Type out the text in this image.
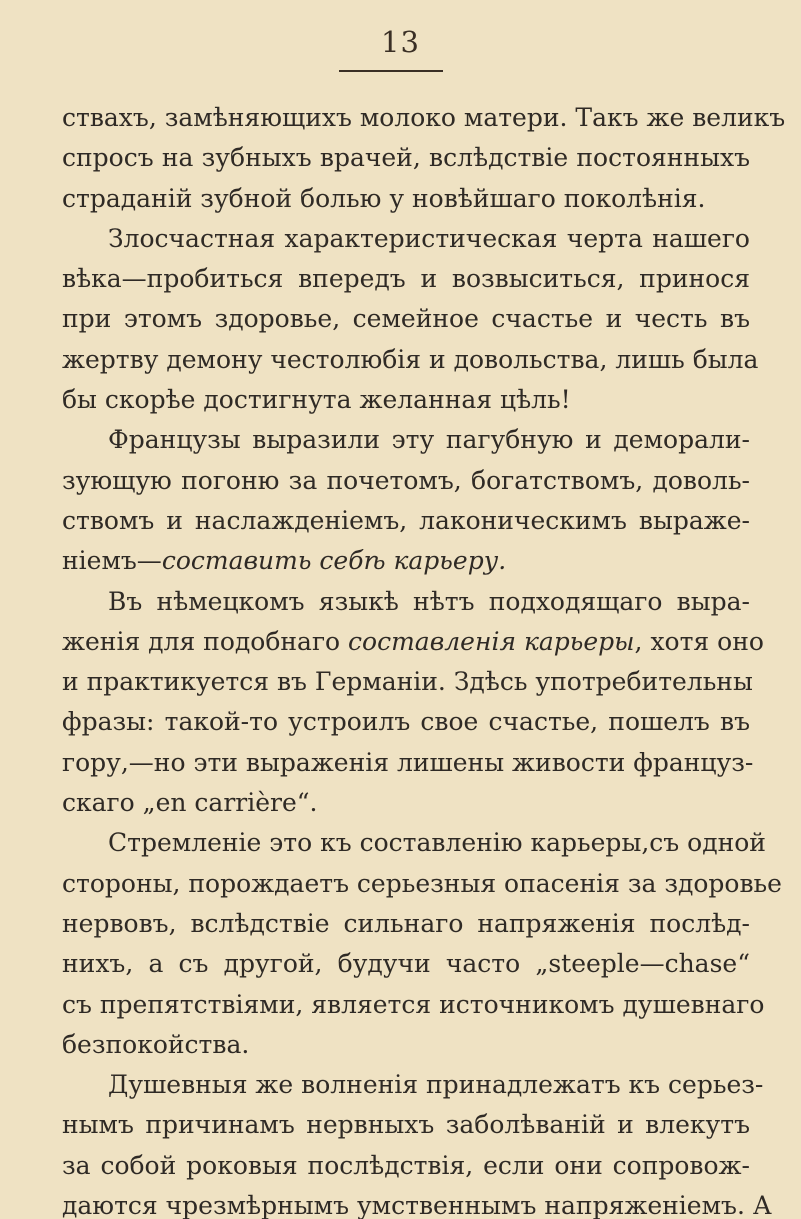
13
ствахъ, замѣняющихъ молоко матери. Такъ же великъ
спросъ на зубныхъ врачей, вслѣдствіе постоянныхъ
страданій зубной болью у новѣйшаго поколѣнія.
Злосчастная характеристическая черта нашего
вѣка—пробиться впередъ и возвыситься, принося
при этомъ здоровье, семейное счастье и честь въ
жертву демону честолюбія и довольства, лишь была
бы скорѣе достигнута желанная цѣль!
Французы выразили эту пагубную и деморали-
зующую погоню за почетомъ, богатствомъ, доволь-
ствомъ и наслажденіемъ, лаконическимъ выраже-
ніемъ—составить себѣ карьеру.
Въ нѣмецкомъ языкѣ нѣтъ подходящаго выра-
женія для подобнаго составленія карьеры, хотя оно
и практикуется въ Германіи. Здѣсь употребительны
фразы: такой-то устроилъ свое счастье, пошелъ въ
гору,—но эти выраженія лишены живости француз-
скаго „en carrière“.
Стремленіе это къ составленію карьеры,съ одной
стороны, порождаетъ серьезныя опасенія за здоровье
нервовъ, вслѣдствіе сильнаго напряженія послѣд-
нихъ, а съ другой, будучи часто „steeple—chase“
съ препятствіями, является источникомъ душевнаго
безпокойства.
Душевныя же волненія принадлежатъ къ серьез-
нымъ причинамъ нервныхъ заболѣваній и влекутъ
за собой роковыя послѣдствія, если они сопровож-
даются чрезмѣрнымъ умственнымъ напряженіемъ. А
